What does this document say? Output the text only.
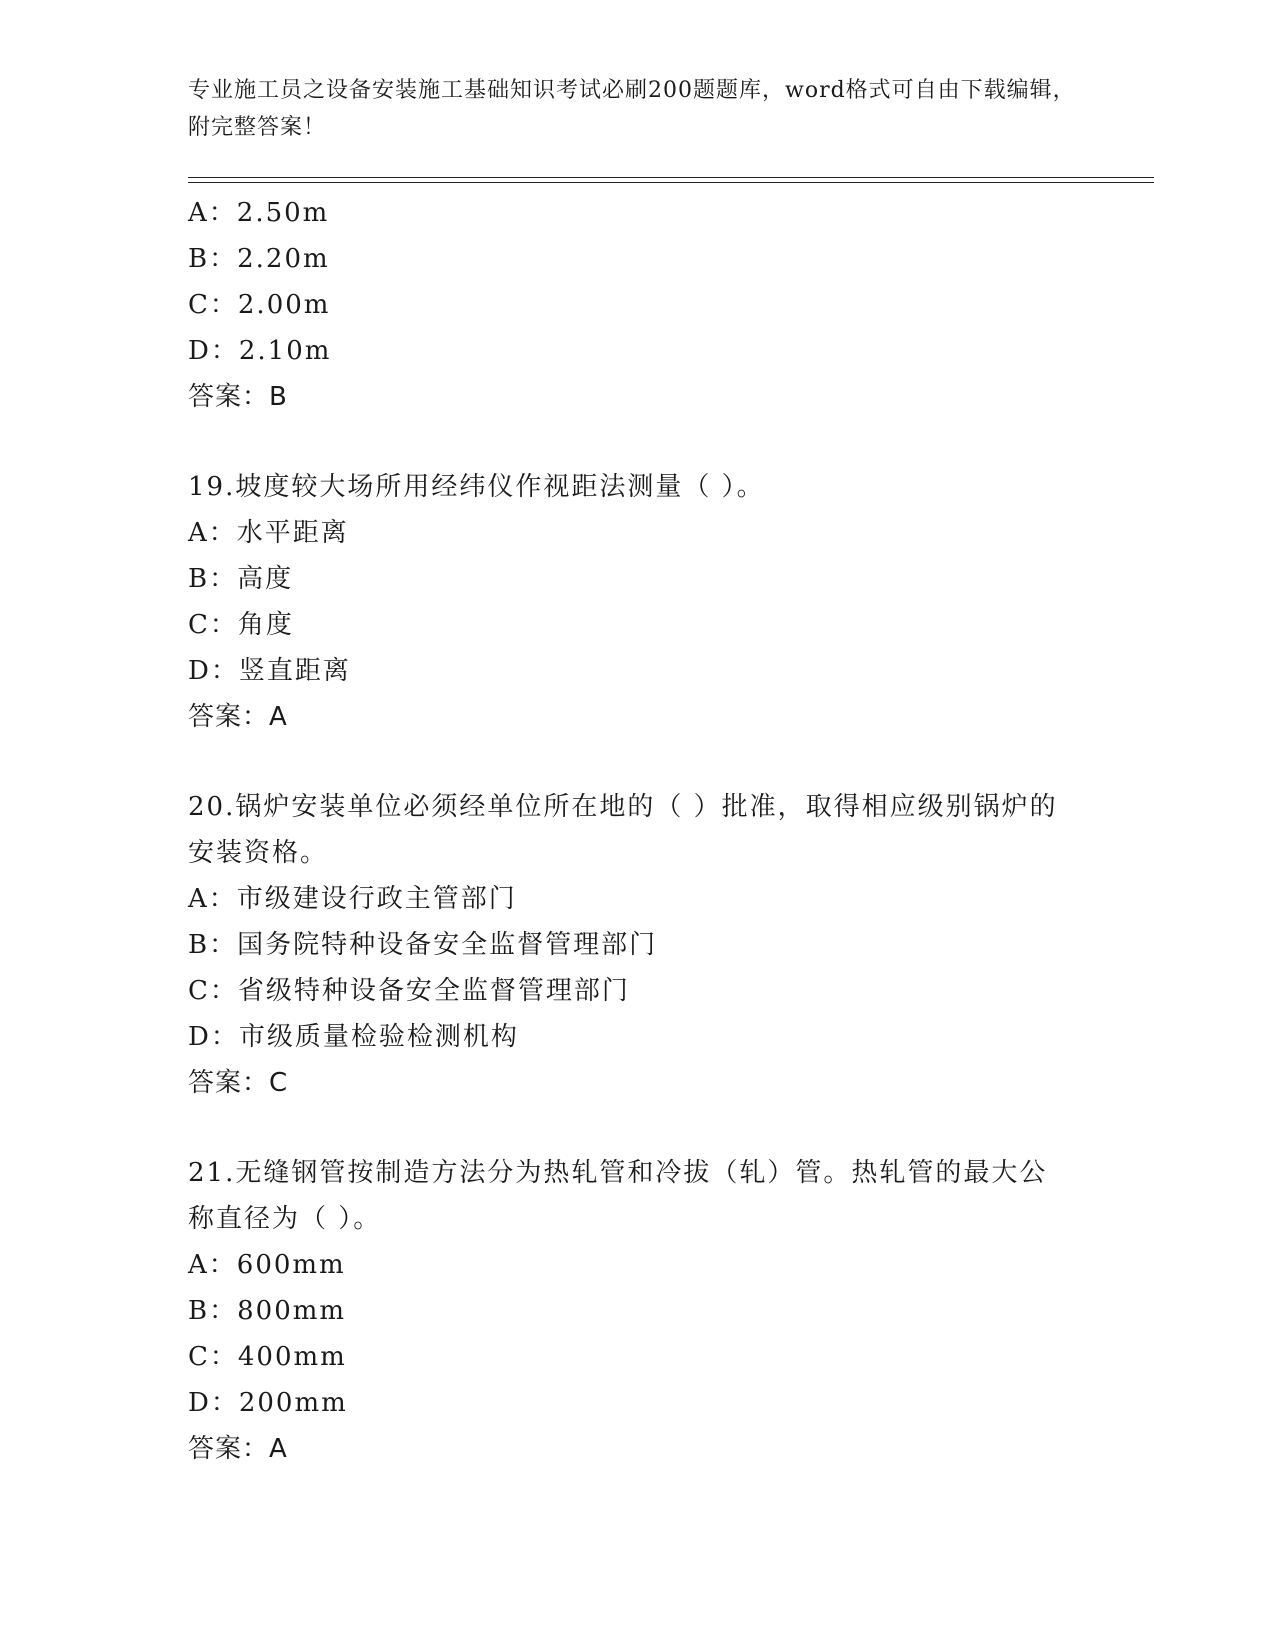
专业施工员之设备安装施工基础知识考试必刷200题题库，word格式可自由下载编辑，附完整答案！
A：2.50m
B：2.20m
C：2.00m
D：2.10m
答案：B
19.坡度较大场所用经纬仪作视距法测量（ ）。
A：水平距离
B：高度
C：角度
D：竖直距离
答案：A
20.锅炉安装单位必须经单位所在地的（ ）批准，取得相应级别锅炉的安装资格。
A：市级建设行政主管部门
B：国务院特种设备安全监督管理部门
C：省级特种设备安全监督管理部门
D：市级质量检验检测机构
答案：C
21.无缝钢管按制造方法分为热轧管和冷拔（轧）管。热轧管的最大公称直径为（ ）。
A：600mm
B：800mm
C：400mm
D：200mm
答案：A
